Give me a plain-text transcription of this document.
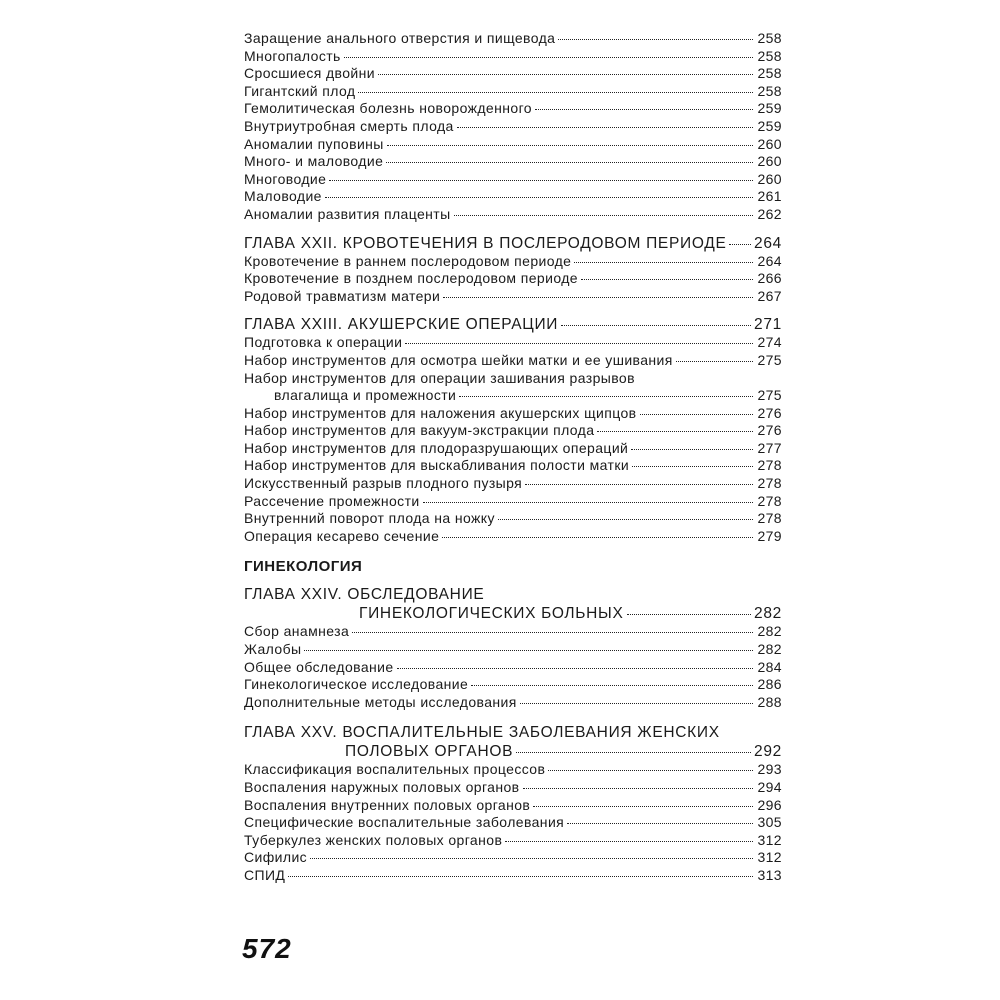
Заращение анального отверстия и пищевода	258
Многопалость	258
Сросшиеся двойни	258
Гигантский плод	258
Гемолитическая болезнь новорожденного	259
Внутриутробная смерть плода	259
Аномалии пуповины	260
Много- и маловодие	260
Многоводие	260
Маловодие	261
Аномалии развития плаценты	262
ГЛАВА XXII. КРОВОТЕЧЕНИЯ В ПОСЛЕРОДОВОМ ПЕРИОДЕ 264
Кровотечение в раннем послеродовом периоде	264
Кровотечение в позднем послеродовом периоде	266
Родовой травматизм матери	267
ГЛАВА XXIII. АКУШЕРСКИЕ ОПЕРАЦИИ	271
Подготовка к операции	274
Набор инструментов для осмотра шейки матки и ее ушивания	275
Набор инструментов для операции зашивания разрывов
влагалища и промежности	275
Набор инструментов для наложения акушерских щипцов	276
Набор инструментов для вакуум-экстракции плода	276
Набор инструментов для плодоразрушающих операций	277
Набор инструментов для выскабливания полости матки	278
Искусственный разрыв плодного пузыря	278
Рассечение промежности	278
Внутренний поворот плода на ножку	278
Операция кесарево сечение	279
ГИНЕКОЛОГИЯ
ГЛАВА XXIV. ОБСЛЕДОВАНИЕ
ГИНЕКОЛОГИЧЕСКИХ БОЛЬНЫХ	282
Сбор анамнеза	282
Жалобы	282
Общее обследование	284
Гинекологическое исследование	286
Дополнительные методы исследования	288
ГЛАВА XXV. ВОСПАЛИТЕЛЬНЫЕ ЗАБОЛЕВАНИЯ ЖЕНСКИХ
ПОЛОВЫХ ОРГАНОВ	292
Классификация воспалительных процессов	293
Воспаления наружных половых органов	294
Воспаления внутренних половых органов	296
Специфические воспалительные заболевания	305
Туберкулез женских половых органов	312
Сифилис	312
СПИД	313
572
